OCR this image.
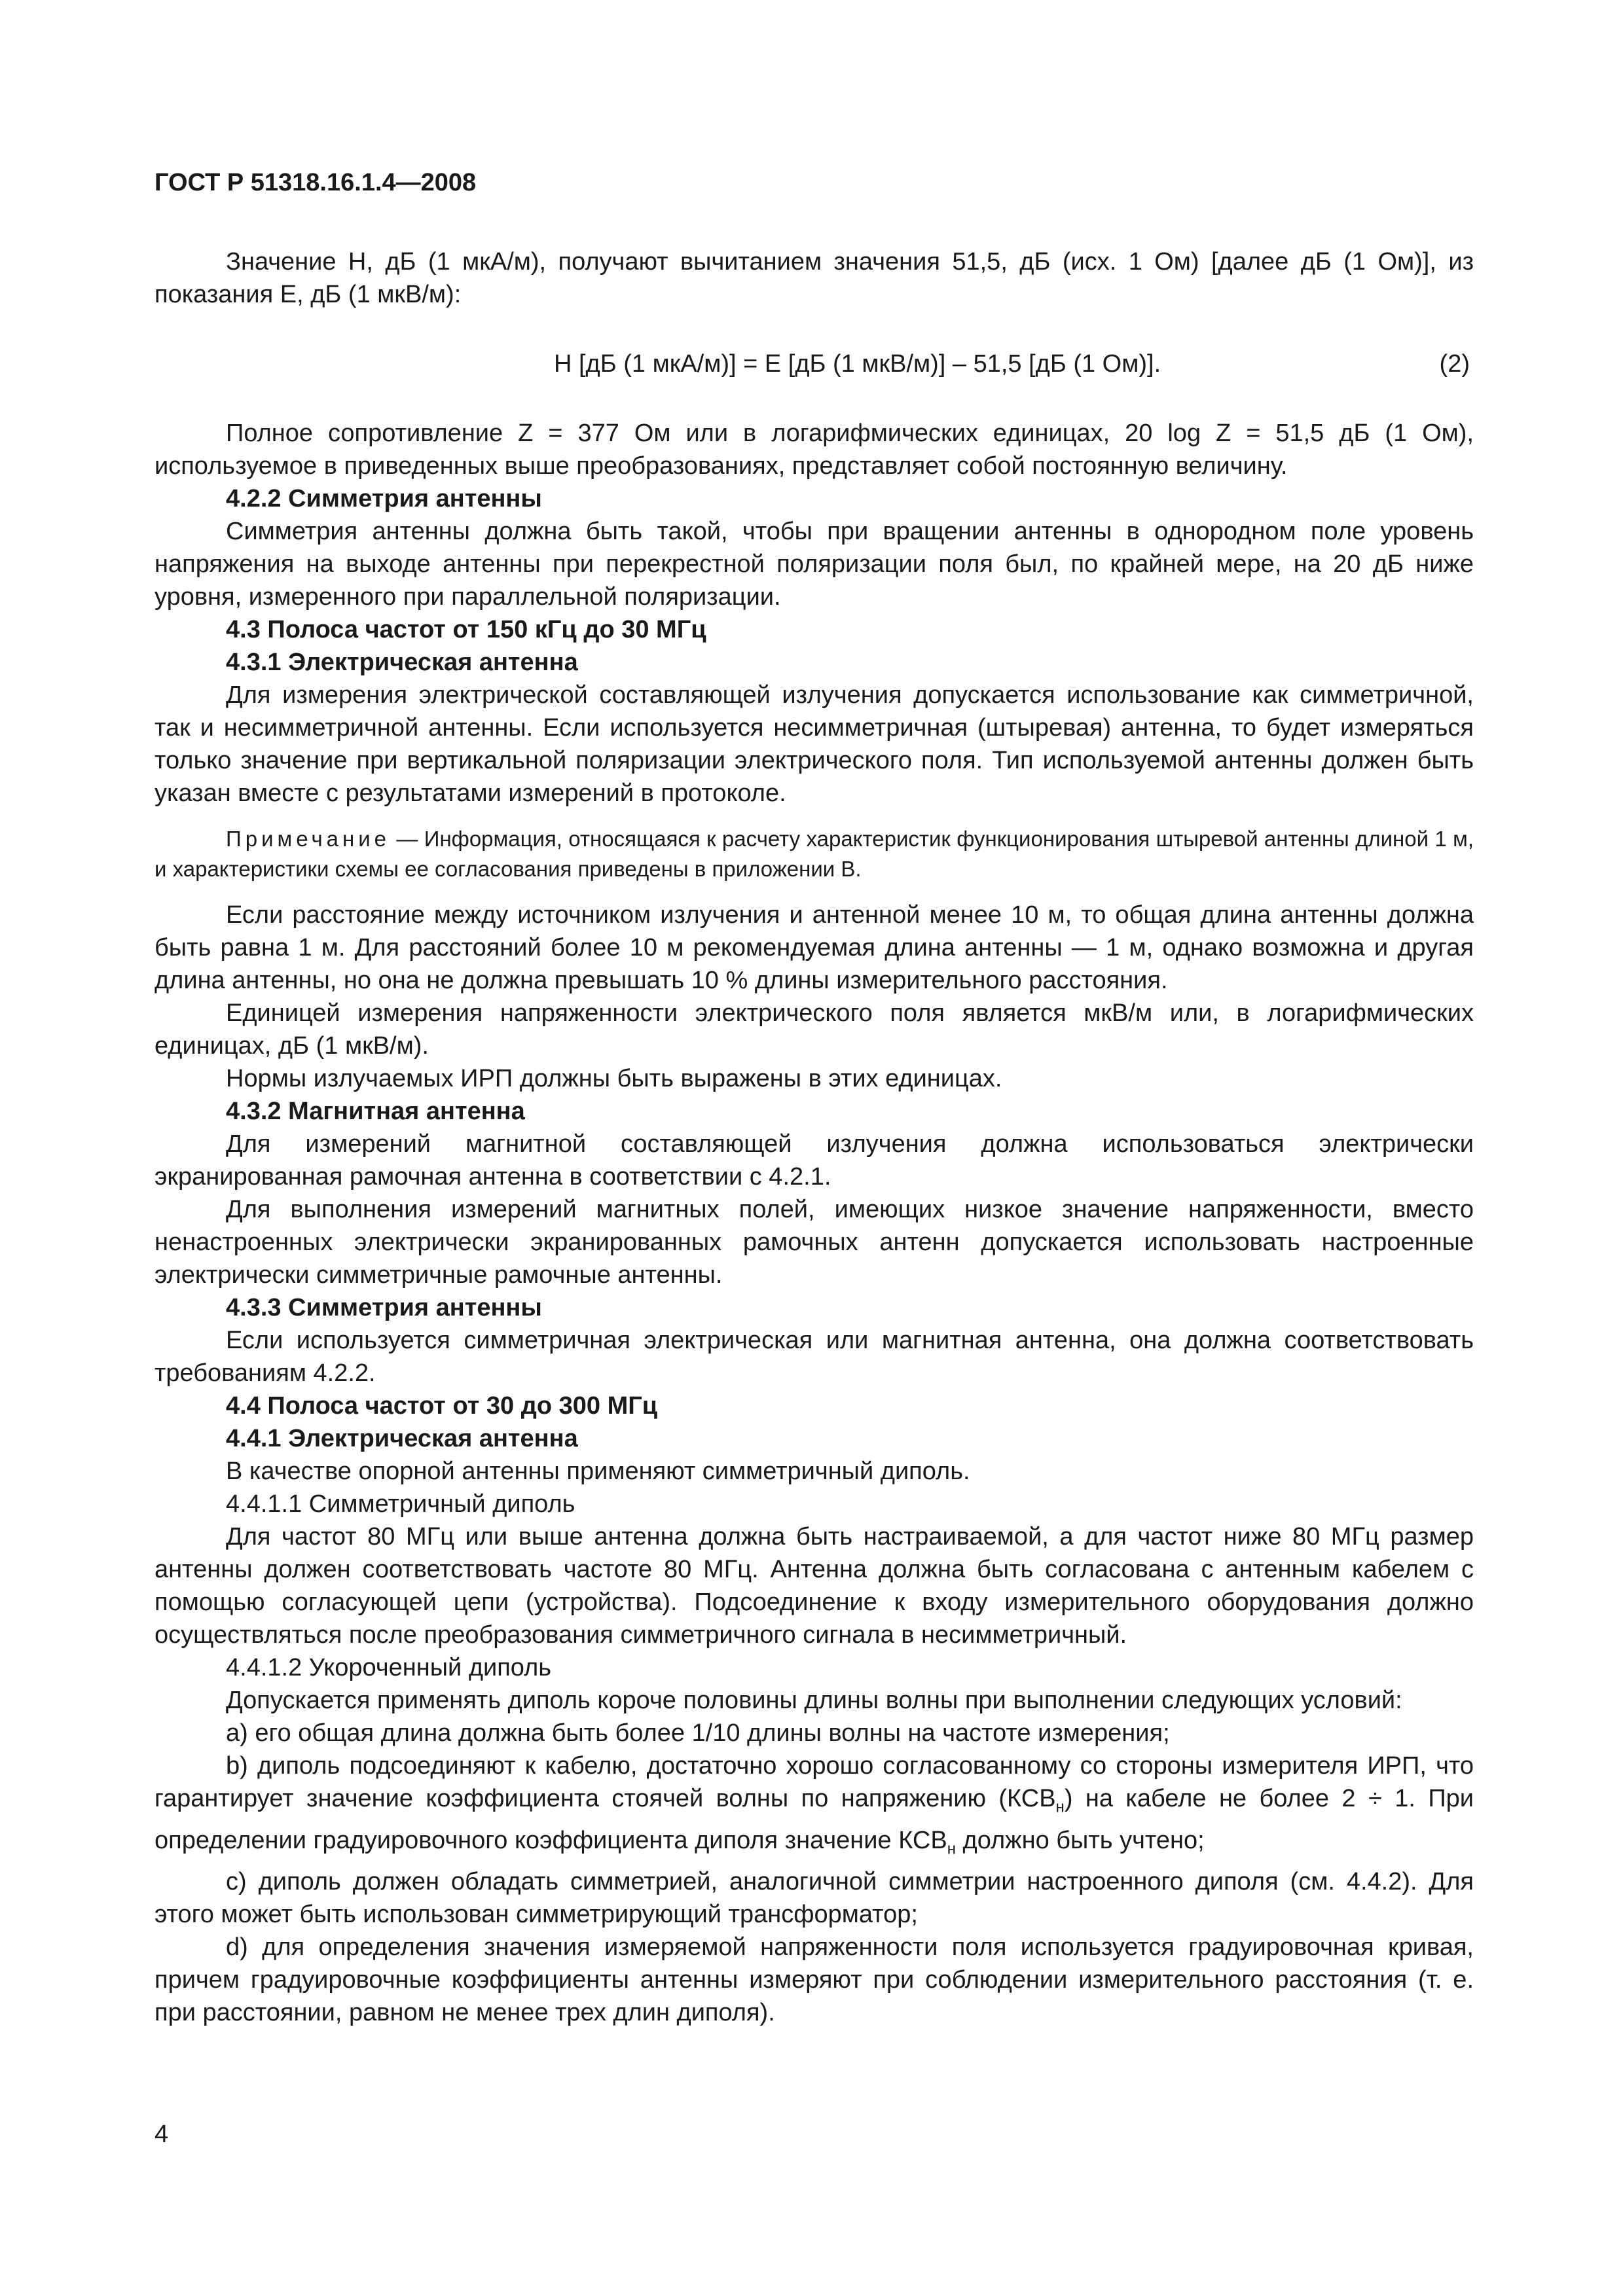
ГОСТ Р 51318.16.1.4—2008

Значение H, дБ (1 мкА/м), получают вычитанием значения 51,5, дБ (исх. 1 Ом) [далее дБ (1 Ом)], из показания E, дБ (1 мкВ/м):

H [дБ (1 мкА/м)] = E [дБ (1 мкВ/м)] – 51,5 [дБ (1 Ом)].	(2)

Полное сопротивление Z = 377 Ом или в логарифмических единицах, 20 log Z = 51,5 дБ (1 Ом), используемое в приведенных выше преобразованиях, представляет собой постоянную величину.

4.2.2 Симметрия антенны

Симметрия антенны должна быть такой, чтобы при вращении антенны в однородном поле уровень напряжения на выходе антенны при перекрестной поляризации поля был, по крайней мере, на 20 дБ ниже уровня, измеренного при параллельной поляризации.

4.3 Полоса частот от 150 кГц до 30 МГц

4.3.1 Электрическая антенна

Для измерения электрической составляющей излучения допускается использование как симметричной, так и несимметричной антенны. Если используется несимметричная (штыревая) антенна, то будет измеряться только значение при вертикальной поляризации электрического поля. Тип используемой антенны должен быть указан вместе с результатами измерений в протоколе.

Примечание — Информация, относящаяся к расчету характеристик функционирования штыревой антенны длиной 1 м, и характеристики схемы ее согласования приведены в приложении В.

Если расстояние между источником излучения и антенной менее 10 м, то общая длина антенны должна быть равна 1 м. Для расстояний более 10 м рекомендуемая длина антенны — 1 м, однако возможна и другая длина антенны, но она не должна превышать 10 % длины измерительного расстояния.

Единицей измерения напряженности электрического поля является мкВ/м или, в логарифмических единицах, дБ (1 мкВ/м).

Нормы излучаемых ИРП должны быть выражены в этих единицах.

4.3.2 Магнитная антенна

Для измерений магнитной составляющей излучения должна использоваться электрически экранированная рамочная антенна в соответствии с 4.2.1.

Для выполнения измерений магнитных полей, имеющих низкое значение напряженности, вместо ненастроенных электрически экранированных рамочных антенн допускается использовать настроенные электрически симметричные рамочные антенны.

4.3.3 Симметрия антенны

Если используется симметричная электрическая или магнитная антенна, она должна соответствовать требованиям 4.2.2.

4.4 Полоса частот от 30 до 300 МГц

4.4.1 Электрическая антенна

В качестве опорной антенны применяют симметричный диполь.

4.4.1.1 Симметричный диполь

Для частот 80 МГц или выше антенна должна быть настраиваемой, а для частот ниже 80 МГц размер антенны должен соответствовать частоте 80 МГц. Антенна должна быть согласована с антенным кабелем с помощью согласующей цепи (устройства). Подсоединение к входу измерительного оборудования должно осуществляться после преобразования симметричного сигнала в несимметричный.

4.4.1.2 Укороченный диполь

Допускается применять диполь короче половины длины волны при выполнении следующих условий:

a) его общая длина должна быть более 1/10 длины волны на частоте измерения;

b) диполь подсоединяют к кабелю, достаточно хорошо согласованному со стороны измерителя ИРП, что гарантирует значение коэффициента стоячей волны по напряжению $(КСВ_н)$ на кабеле не более 2 ÷ 1. При определении градуировочного коэффициента диполя значение $КСВ_н$ должно быть учтено;

c) диполь должен обладать симметрией, аналогичной симметрии настроенного диполя (см. 4.4.2). Для этого может быть использован симметрирующий трансформатор;

d) для определения значения измеряемой напряженности поля используется градуировочная кривая, причем градуировочные коэффициенты антенны измеряют при соблюдении измерительного расстояния (т. е. при расстоянии, равном не менее трех длин диполя).

4
